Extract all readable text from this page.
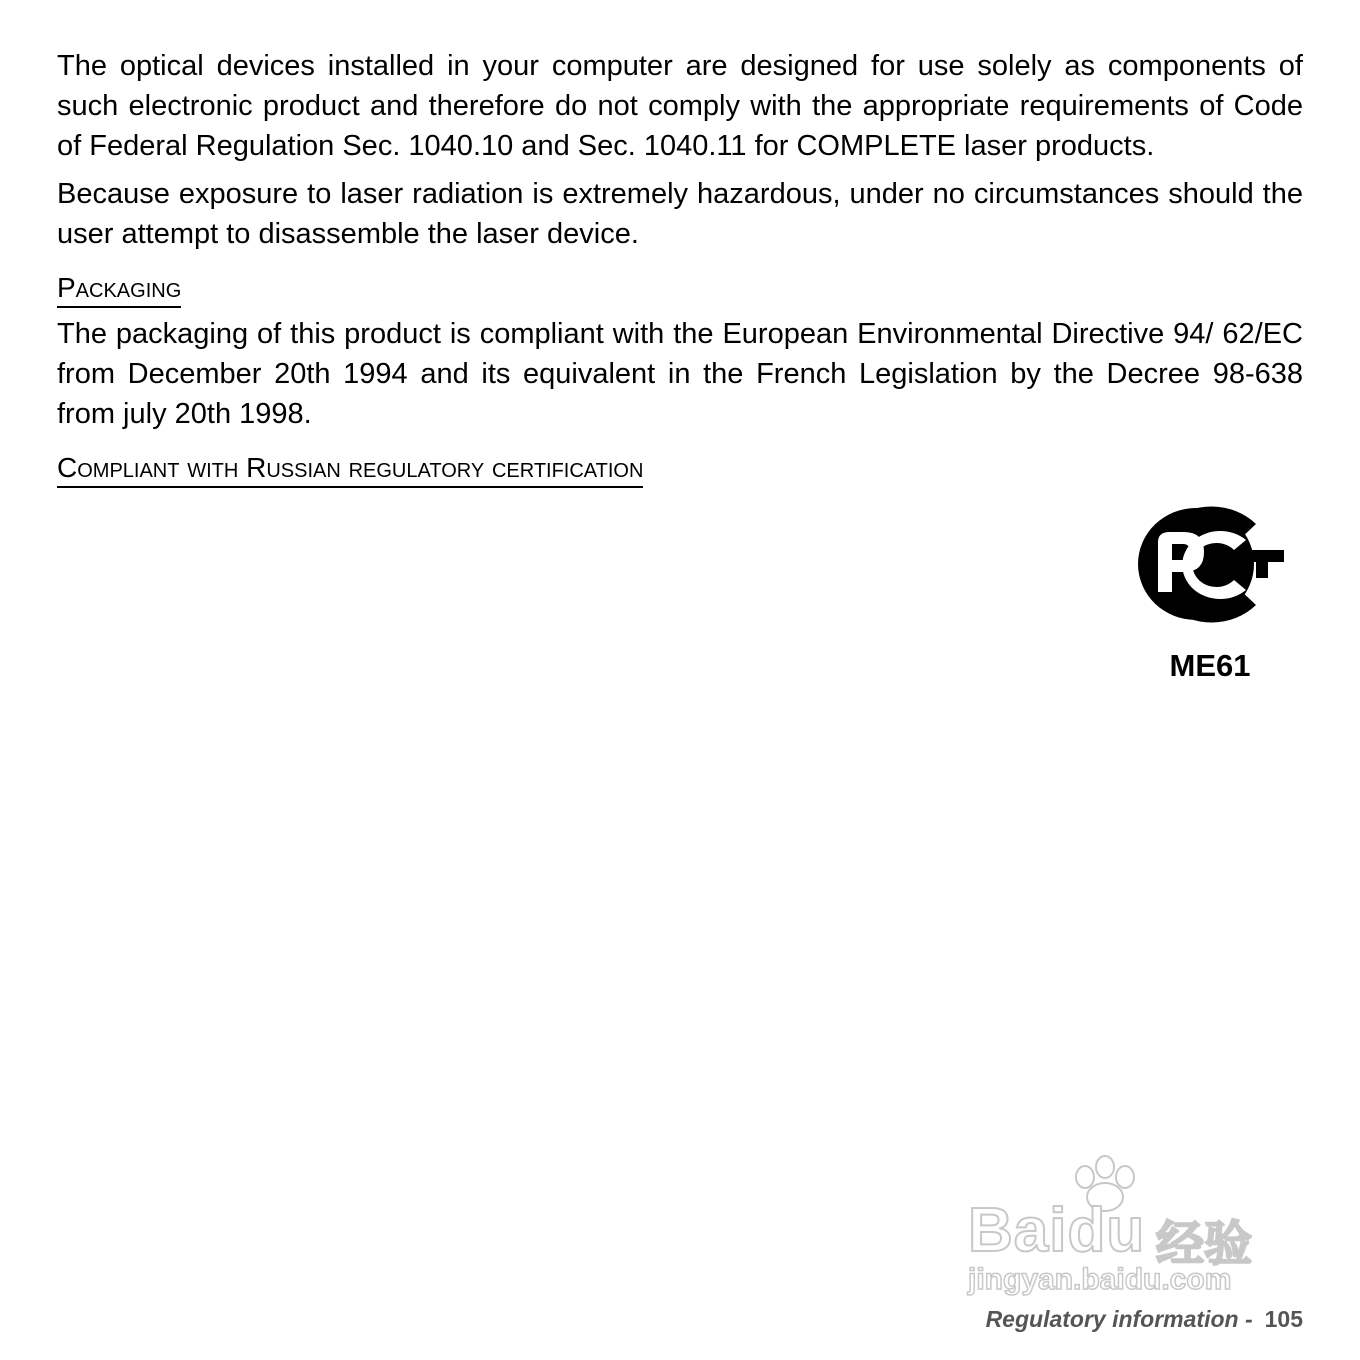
The optical devices installed in your computer are designed for use solely as components of such electronic product and therefore do not comply with the appropriate requirements of Code of Federal Regulation Sec. 1040.10 and Sec. 1040.11 for COMPLETE laser products.

Because exposure to laser radiation is extremely hazardous, under no circumstances should the user attempt to disassemble the laser device.

Packaging

The packaging of this product is compliant with the European Environmental Directive 94/ 62/EC from December 20th 1994 and its equivalent in the French Legislation by the Decree 98-638 from july 20th 1998.

Compliant with Russian regulatory certification
ME61
Baidu 经验
jingyan.baidu.com
Regulatory information - 105
